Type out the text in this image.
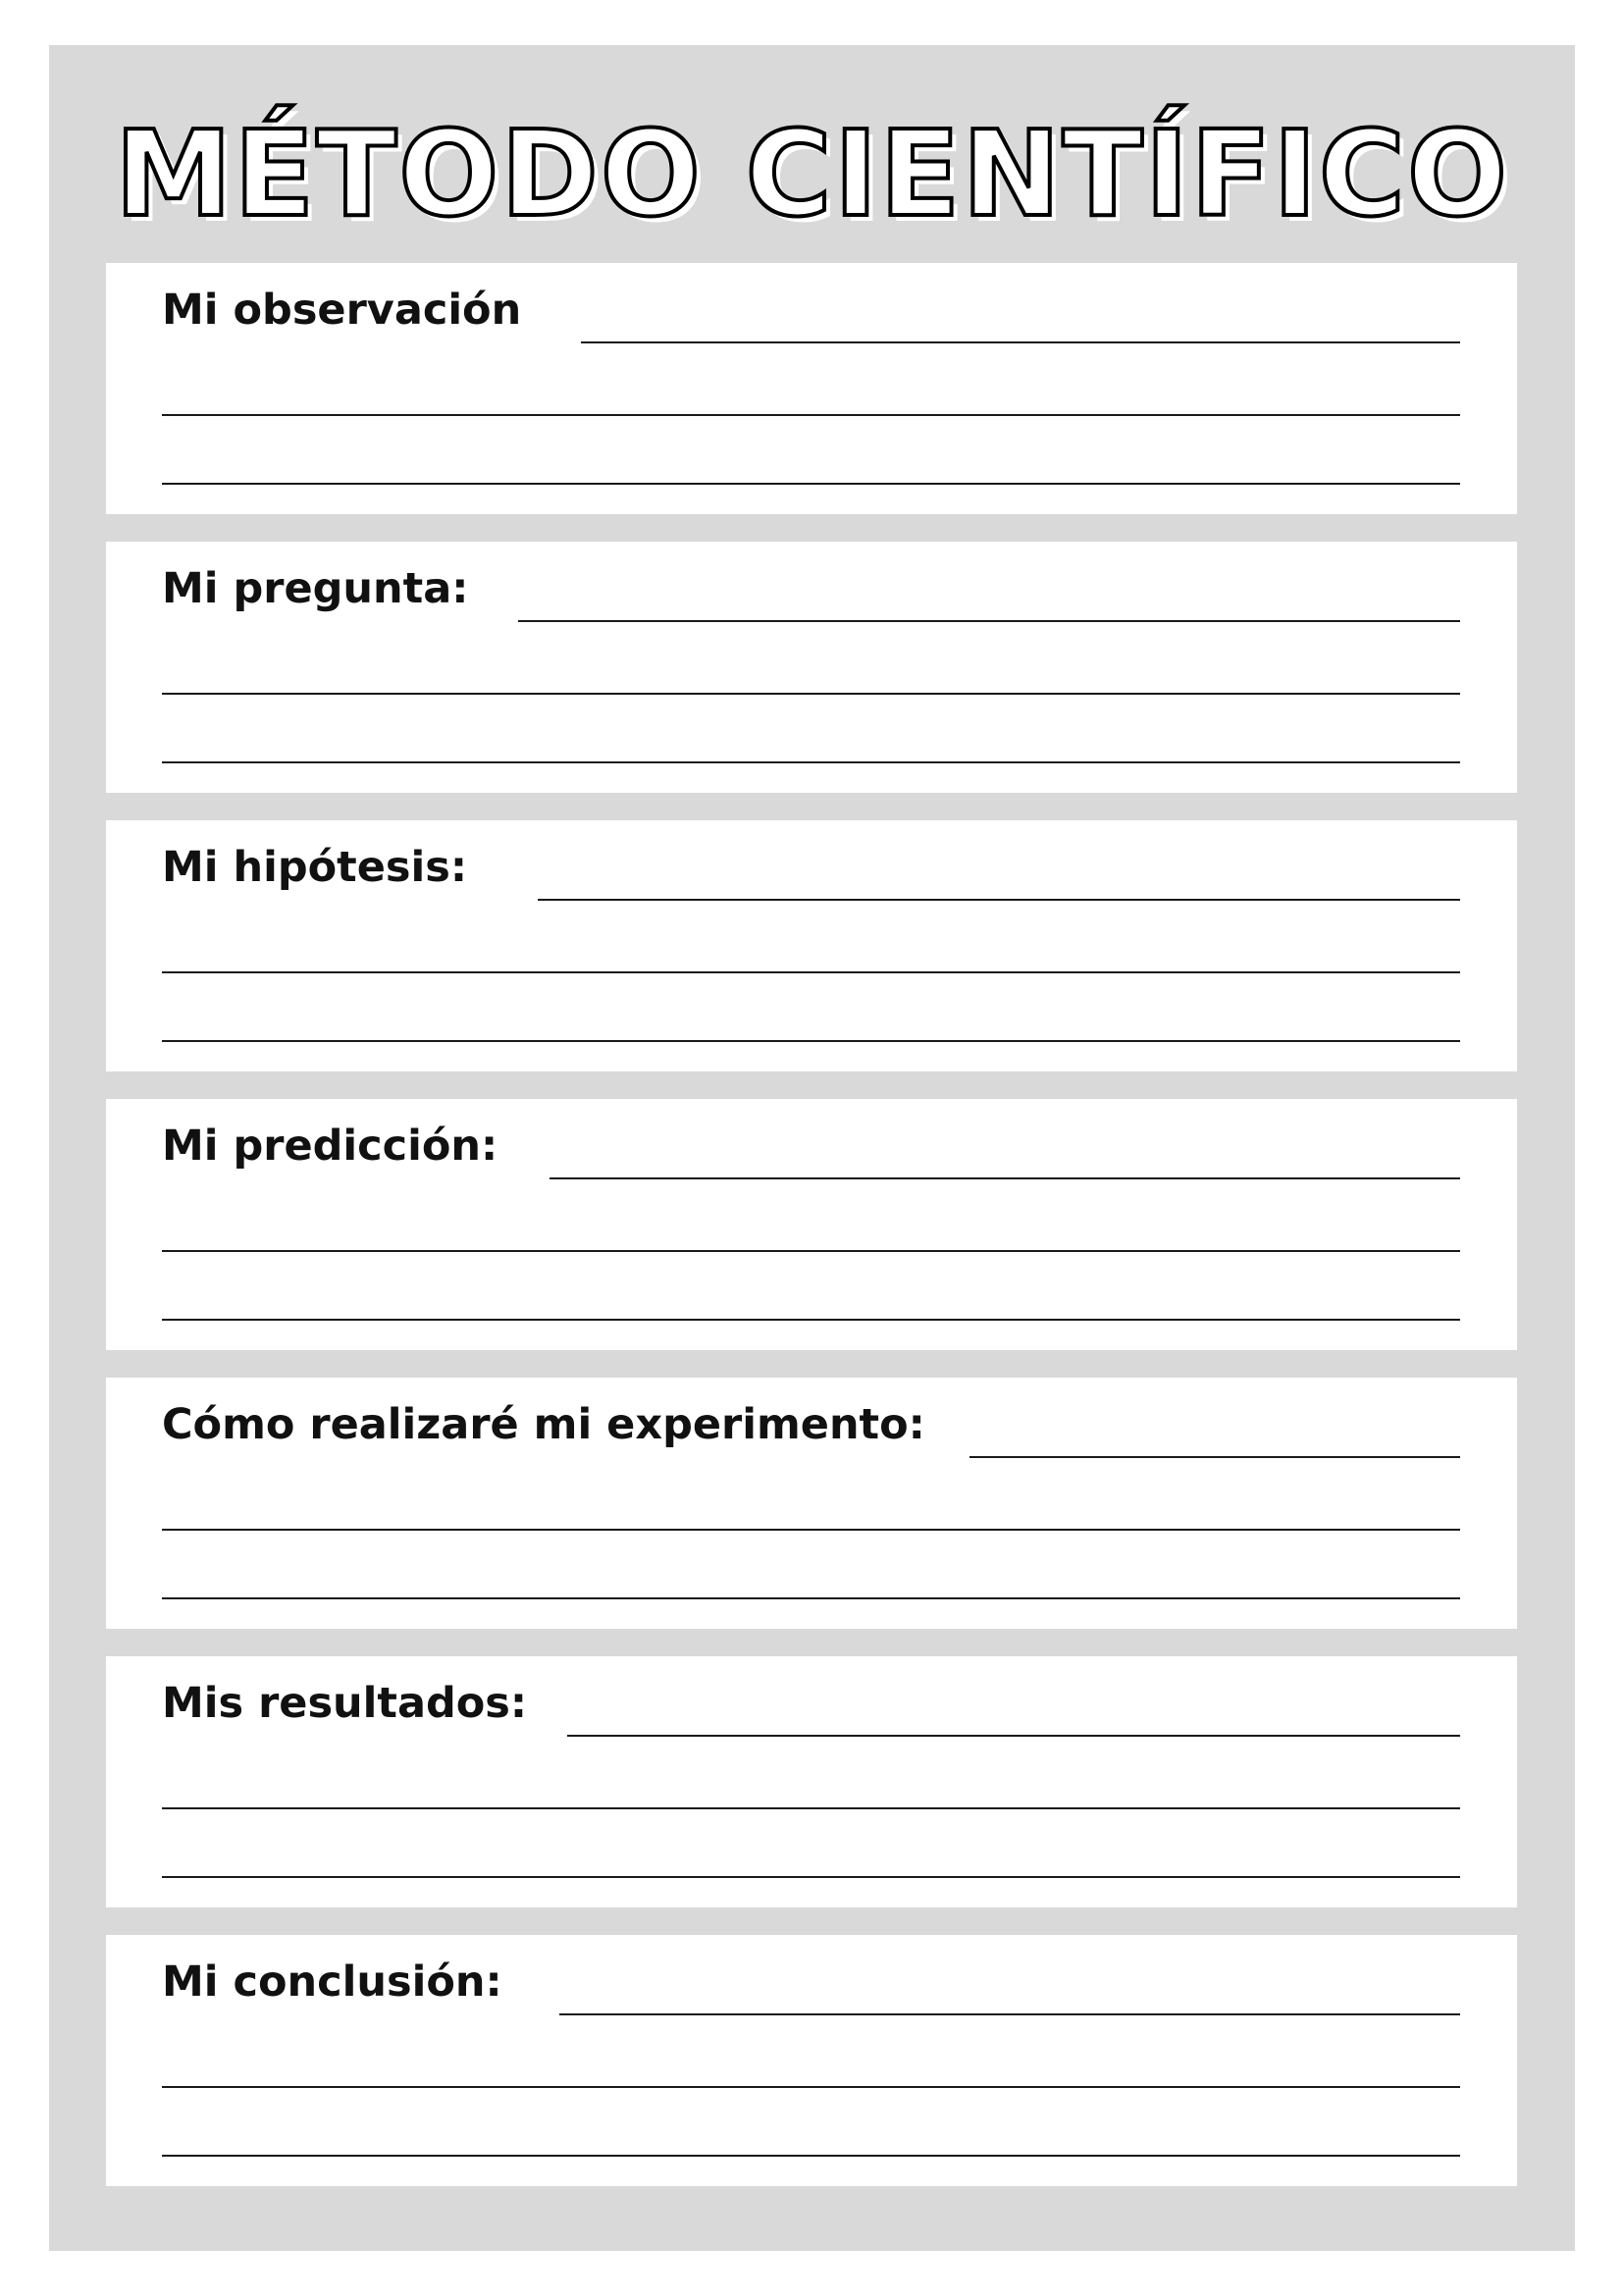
MÉTODO CIENTÍFICO
Mi observación
Mi pregunta:
Mi hipótesis:
Mi predicción:
Cómo realizaré mi experimento:
Mis resultados:
Mi conclusión:
